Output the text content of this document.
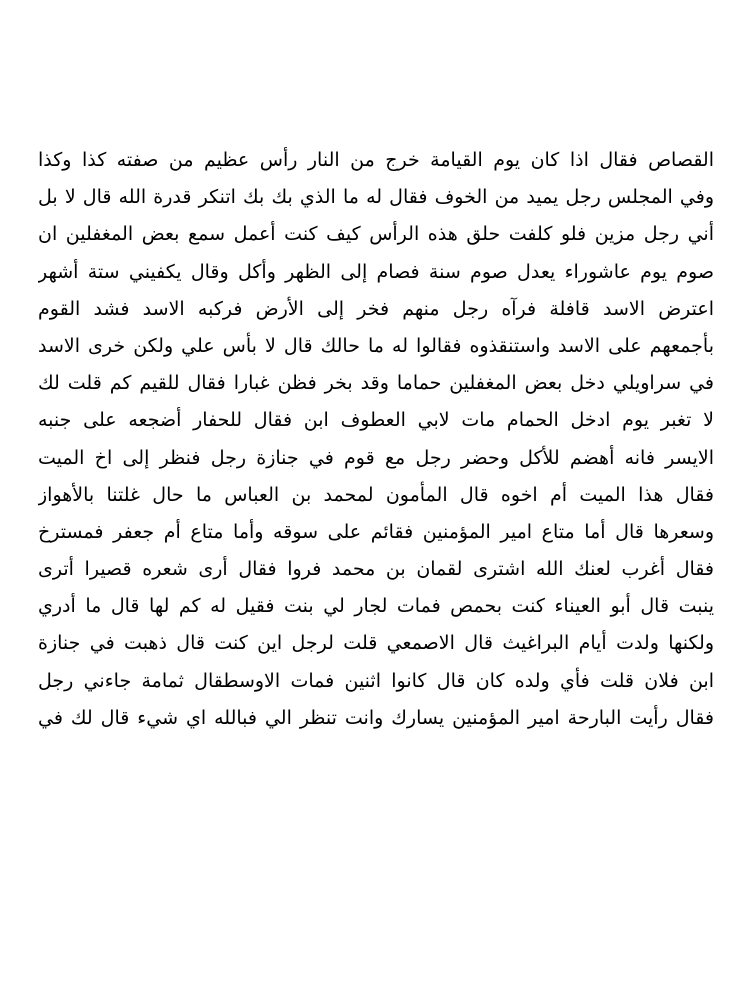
القصاص فقال اذا كان يوم القيامة خرج من النار رأس عظيم من صفته كذا وكذا
وفي المجلس رجل يميد من الخوف فقال له ما الذي بك بك اتنكر قدرة الله قال لا بل
أني رجل مزين فلو كلفت حلق هذه الرأس كيف كنت أعمل سمع بعض المغفلين ان
صوم يوم عاشوراء يعدل صوم سنة فصام إلى الظهر وأكل وقال يكفيني ستة أشهر
اعترض الاسد قافلة فرآه رجل منهم فخر إلى الأرض فركبه الاسد فشد القوم
بأجمعهم على الاسد واستنقذوه فقالوا له ما حالك قال لا بأس علي ولكن خرى الاسد
في سراويلي دخل بعض المغفلين حماما وقد بخر فظن غبارا فقال للقيم كم قلت لك
لا تغبر يوم ادخل الحمام مات لابي العطوف ابن فقال للحفار أضجعه على جنبه
الايسر فانه أهضم للأكل وحضر رجل مع قوم في جنازة رجل فنظر إلى اخ الميت
فقال هذا الميت أم اخوه قال المأمون لمحمد بن العباس ما حال غلتنا بالأهواز
وسعرها قال أما متاع امير المؤمنين فقائم على سوقه وأما متاع أم جعفر فمسترخ
فقال أغرب لعنك الله اشترى لقمان بن محمد فروا فقال أرى شعره قصيرا أترى
ينبت قال أبو العيناء كنت بحمص فمات لجار لي بنت فقيل له كم لها قال ما أدري
ولكنها ولدت أيام البراغيث قال الاصمعي قلت لرجل اين كنت قال ذهبت في جنازة
ابن فلان قلت فأي ولده كان قال كانوا اثنين فمات الاوسطقال ثمامة جاءني رجل
فقال رأيت البارحة امير المؤمنين يسارك وانت تنظر الي فبالله اي شيء قال لك في
